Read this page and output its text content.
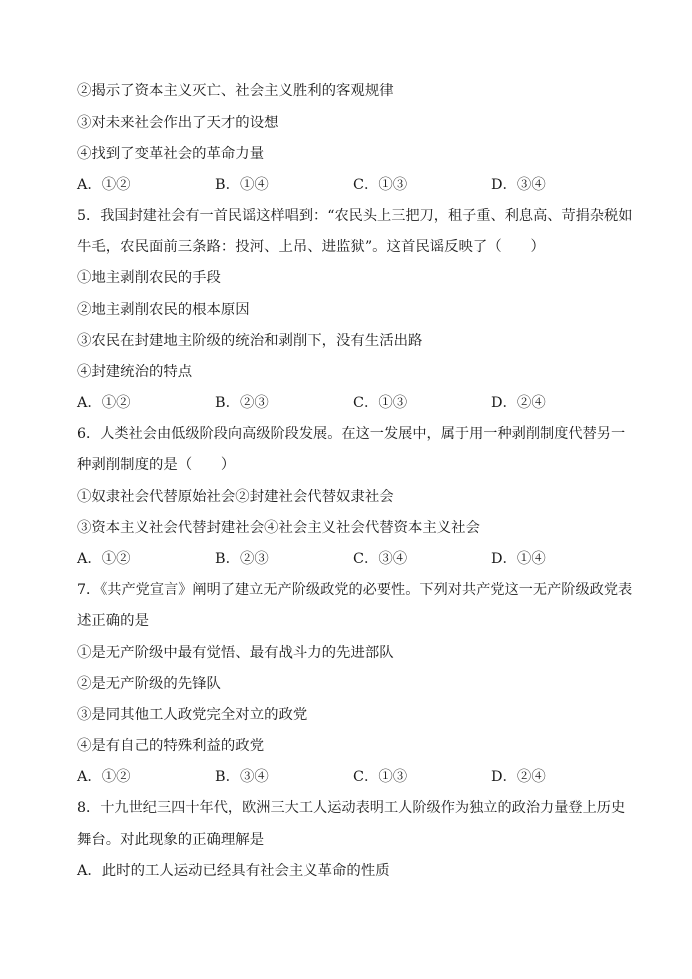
②揭示了资本主义灭亡、社会主义胜利的客观规律
③对未来社会作出了天才的设想
④找到了变革社会的革命力量
A．①②	B．①④	C．①③	D．③④
5．我国封建社会有一首民谣这样唱到：“农民头上三把刀，租子重、利息高、苛捐杂税如
牛毛，农民面前三条路：投河、上吊、进监狱”。这首民谣反映了（　　）
①地主剥削农民的手段
②地主剥削农民的根本原因
③农民在封建地主阶级的统治和剥削下，没有生活出路
④封建统治的特点
A．①②	B．②③	C．①③	D．②④
6．人类社会由低级阶段向高级阶段发展。在这一发展中，属于用一种剥削制度代替另一
种剥削制度的是（　　）
①奴隶社会代替原始社会②封建社会代替奴隶社会
③资本主义社会代替封建社会④社会主义社会代替资本主义社会
A．①②	B．②③	C．③④	D．①④
7．《共产党宣言》阐明了建立无产阶级政党的必要性。下列对共产党这一无产阶级政党表
述正确的是
①是无产阶级中最有觉悟、最有战斗力的先进部队
②是无产阶级的先锋队
③是同其他工人政党完全对立的政党
④是有自己的特殊利益的政党
A．①②	B．③④	C．①③	D．②④
8．十九世纪三四十年代，欧洲三大工人运动表明工人阶级作为独立的政治力量登上历史
舞台。对此现象的正确理解是
A．此时的工人运动已经具有社会主义革命的性质
